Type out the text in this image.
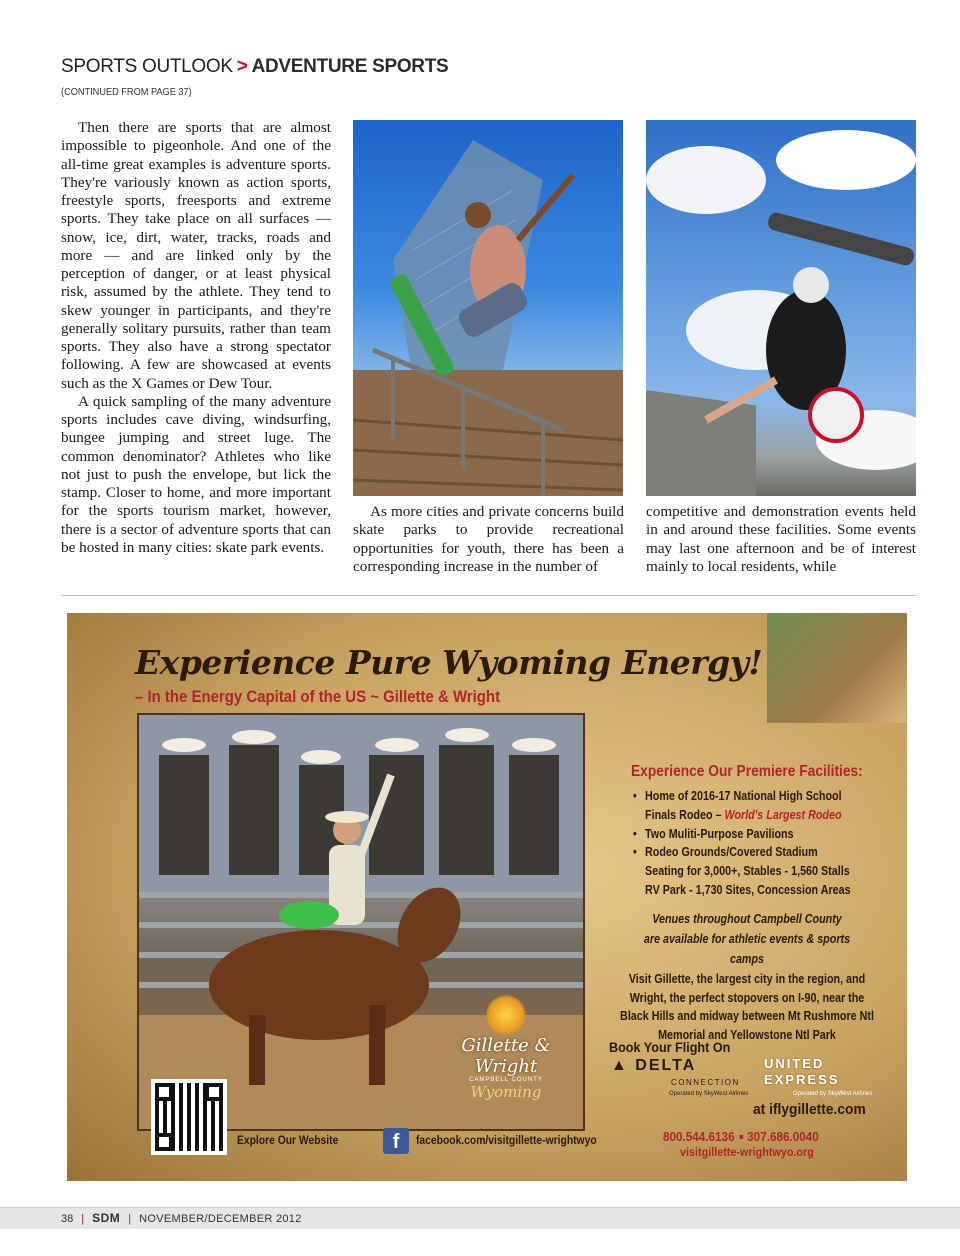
SPORTS OUTLOOK > ADVENTURE SPORTS
(CONTINUED FROM PAGE 37)

Then there are sports that are almost impossible to pigeonhole. And one of the all-time great examples is adventure sports. They're variously known as action sports, freestyle sports, freesports and extreme sports. They take place on all surfaces — snow, ice, dirt, water, tracks, roads and more — and are linked only by the perception of danger, or at least physical risk, assumed by the athlete. They tend to skew younger in participants, and they're generally solitary pursuits, rather than team sports. They also have a strong spectator following. A few are showcased at events such as the X Games or Dew Tour.

A quick sampling of the many adventure sports includes cave diving, windsurfing, bungee jumping and street luge. The common denominator? Athletes who like not just to push the envelope, but lick the stamp. Closer to home, and more important for the sports tourism market, however, there is a sector of adventure sports that can be hosted in many cities: skate park events.

As more cities and private concerns build skate parks to provide recreational opportunities for youth, there has been a corresponding increase in the number of

competitive and demonstration events held in and around these facilities. Some events may last one afternoon and be of interest mainly to local residents, while
Experience Pure Wyoming Energy!
– In the Energy Capital of the US ~ Gillette & Wright
Gillette & Wright
CAMPBELL COUNTY
Wyoming
Explore Our Website	f	facebook.com/visitgillette-wrightwyo
Experience Our Premiere Facilities:
• Home of 2016-17 National High School
Finals Rodeo – World's Largest Rodeo
• Two Muliti-Purpose Pavilions
• Rodeo Grounds/Covered Stadium
Seating for 3,000+, Stables - 1,560 Stalls
RV Park - 1,730 Sites, Concession Areas
Venues throughout Campbell County
are available for athletic events & sports camps
Visit Gillette, the largest city in the region, and Wright, the perfect stopovers on I-90, near the Black Hills and midway between Mt Rushmore Ntl Memorial and Yellowstone Ntl Park
Book Your Flight On
▲ DELTA
CONNECTION
Operated by SkyWest Airlines
UNITED
EXPRESS
Operated by SkyWest Airlines
at iflygillette.com
800.544.6136 307.686.0040
visitgillette-wrightwyo.org
38 | SDM | NOVEMBER/DECEMBER 2012
